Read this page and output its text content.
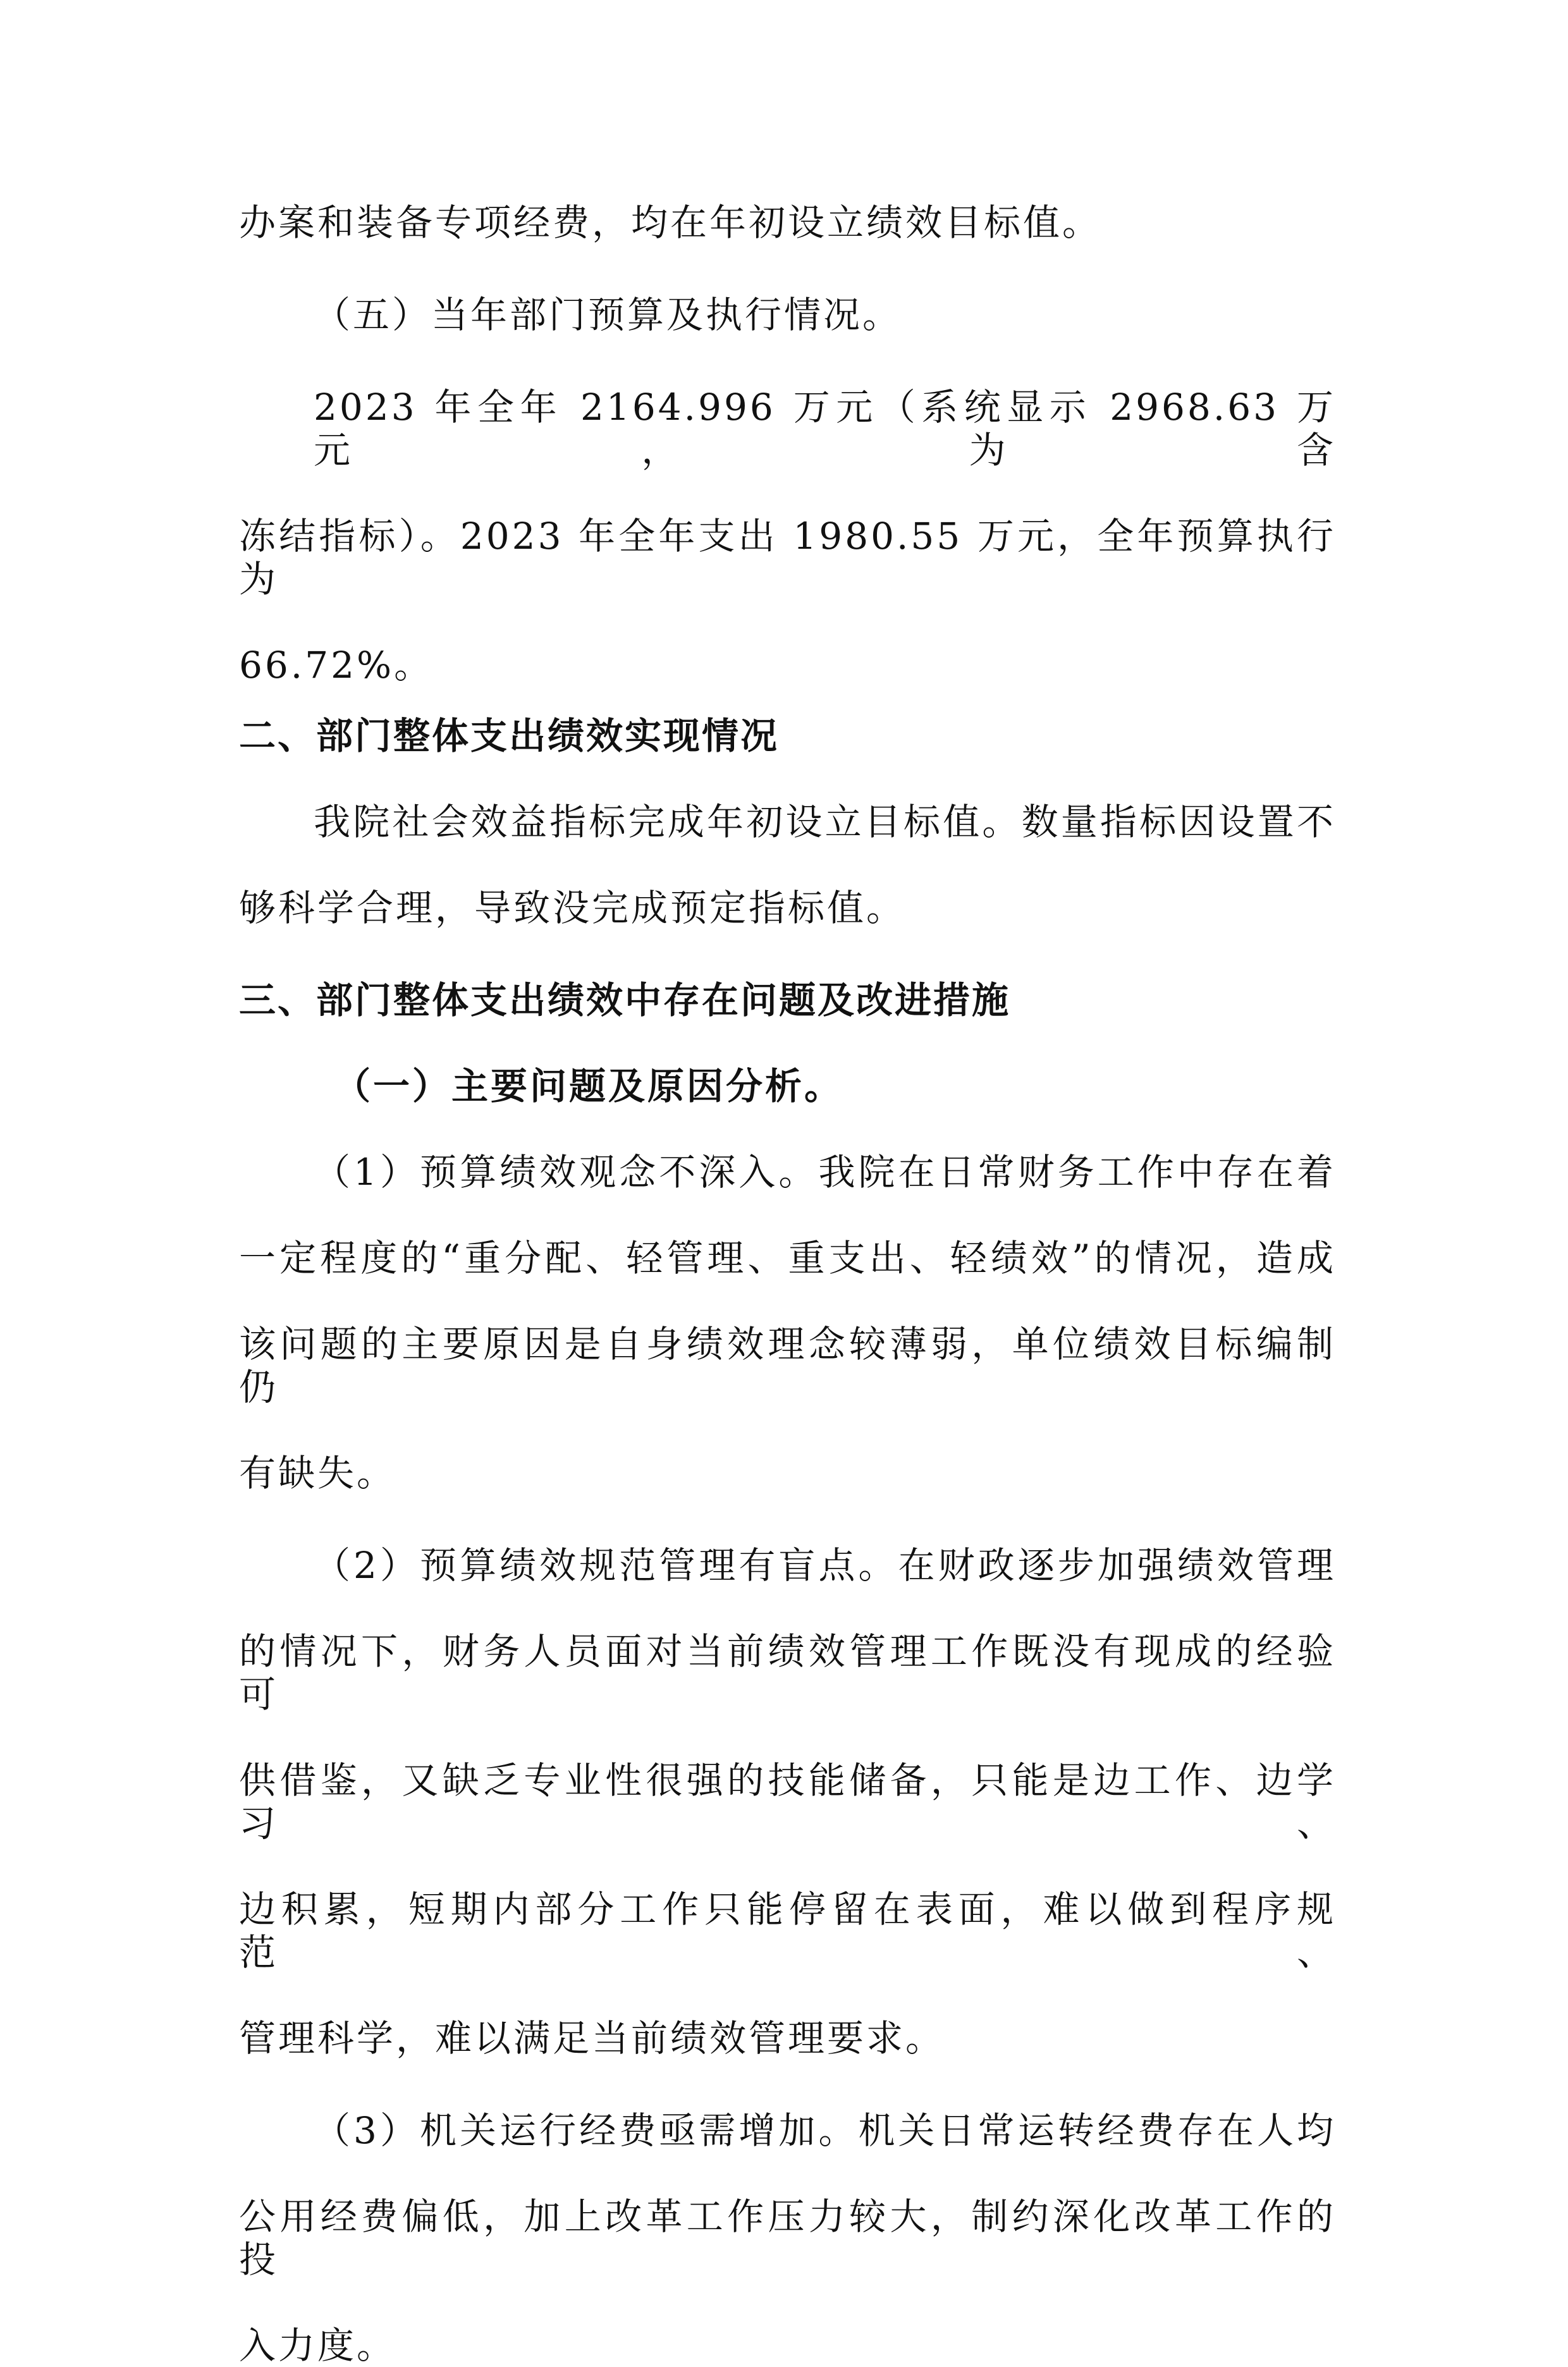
办案和装备专项经费，均在年初设立绩效目标值。

（五）当年部门预算及执行情况。

2023 年全年 2164.996 万元（系统显示 2968.63 万元，为含

冻结指标）。2023 年全年支出 1980.55 万元，全年预算执行为

66.72%。

二、部门整体支出绩效实现情况

我院社会效益指标完成年初设立目标值。数量指标因设置不

够科学合理，导致没完成预定指标值。

三、部门整体支出绩效中存在问题及改进措施

（一）主要问题及原因分析。

（1）预算绩效观念不深入。我院在日常财务工作中存在着

一定程度的“重分配、轻管理、重支出、轻绩效”的情况，造成

该问题的主要原因是自身绩效理念较薄弱，单位绩效目标编制仍

有缺失。

（2）预算绩效规范管理有盲点。在财政逐步加强绩效管理

的情况下，财务人员面对当前绩效管理工作既没有现成的经验可

供借鉴，又缺乏专业性很强的技能储备，只能是边工作、边学习、

边积累，短期内部分工作只能停留在表面，难以做到程序规范、

管理科学，难以满足当前绩效管理要求。

（3）机关运行经费亟需增加。机关日常运转经费存在人均

公用经费偏低，加上改革工作压力较大，制约深化改革工作的投

入力度。
